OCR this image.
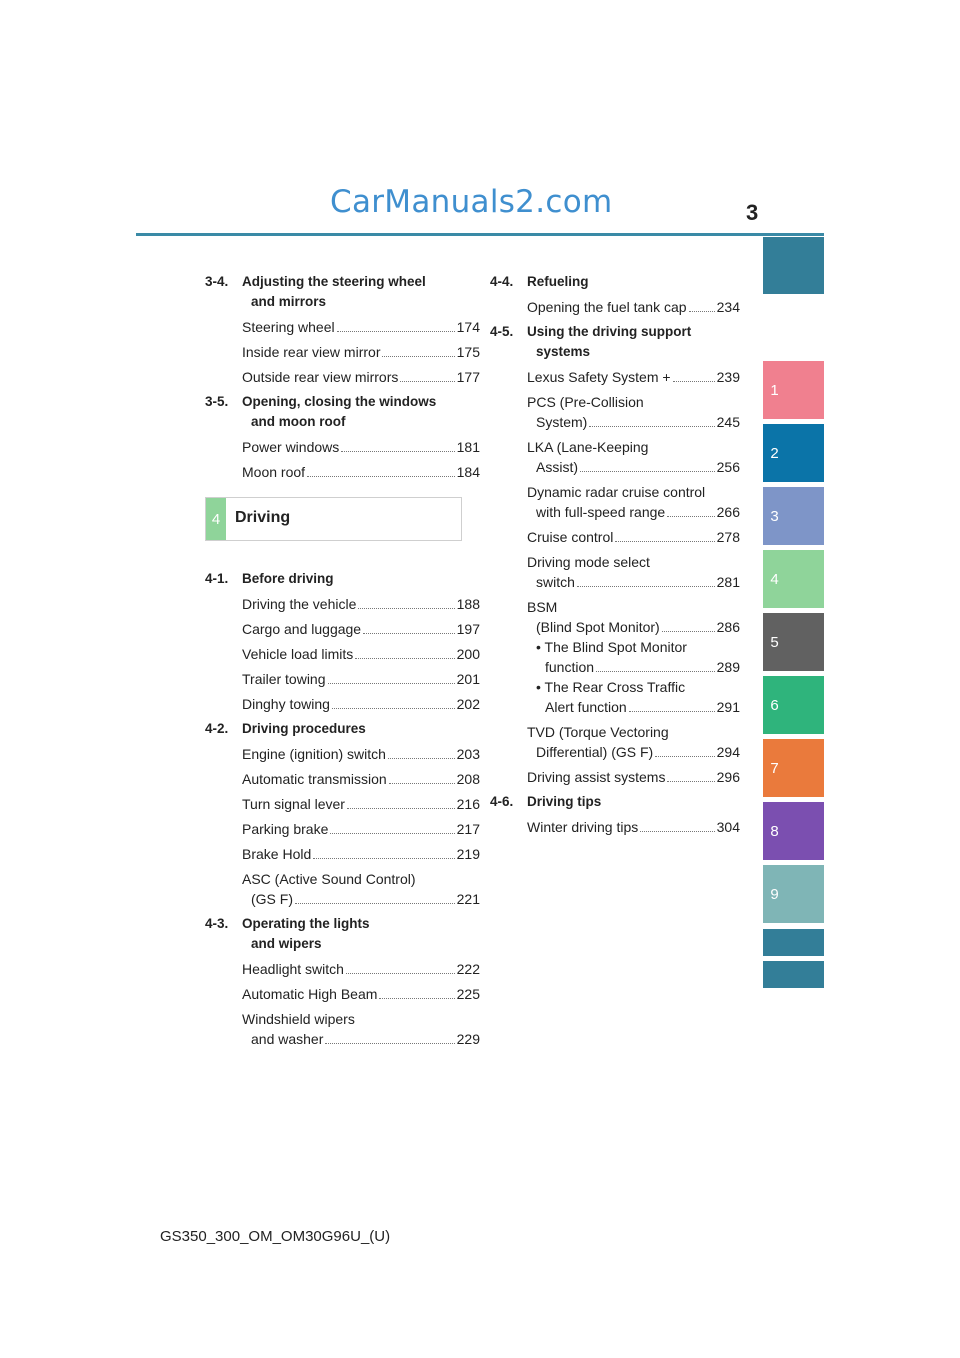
CarManuals2.com	3
1
2
3
4
5
6
7
8
9
3-4. Adjusting the steering wheel
and mirrors
Steering wheel	174
Inside rear view mirror	175
Outside rear view mirrors	177
3-5. Opening, closing the windows
and moon roof
Power windows	181
Moon roof	184
4-1. Before driving
Driving the vehicle	188
Cargo and luggage	197
Vehicle load limits	200
Trailer towing	201
Dinghy towing	202
4-2. Driving procedures
Engine (ignition) switch	203
Automatic transmission	208
Turn signal lever	216
Parking brake	217
Brake Hold	219
ASC (Active Sound Control)
(GS F)	221
4-3. Operating the lights
and wipers
Headlight switch	222
Automatic High Beam	225
Windshield wipers
and washer	229
4 Driving
4-4. Refueling
Opening the fuel tank cap 234
4-5. Using the driving support
systems
Lexus Safety System +	239
PCS (Pre-Collision
System)	245
LKA (Lane-Keeping
Assist)	256
Dynamic radar cruise control
with full-speed range	266
Cruise control	278
Driving mode select
switch	281
BSM
(Blind Spot Monitor)	286
• The Blind Spot Monitor
function	289
• The Rear Cross Traffic
Alert function	291
TVD (Torque Vectoring
Differential) (GS F)	294
Driving assist systems	296
4-6. Driving tips
Winter driving tips	304
GS350_300_OM_OM30G96U_(U)
